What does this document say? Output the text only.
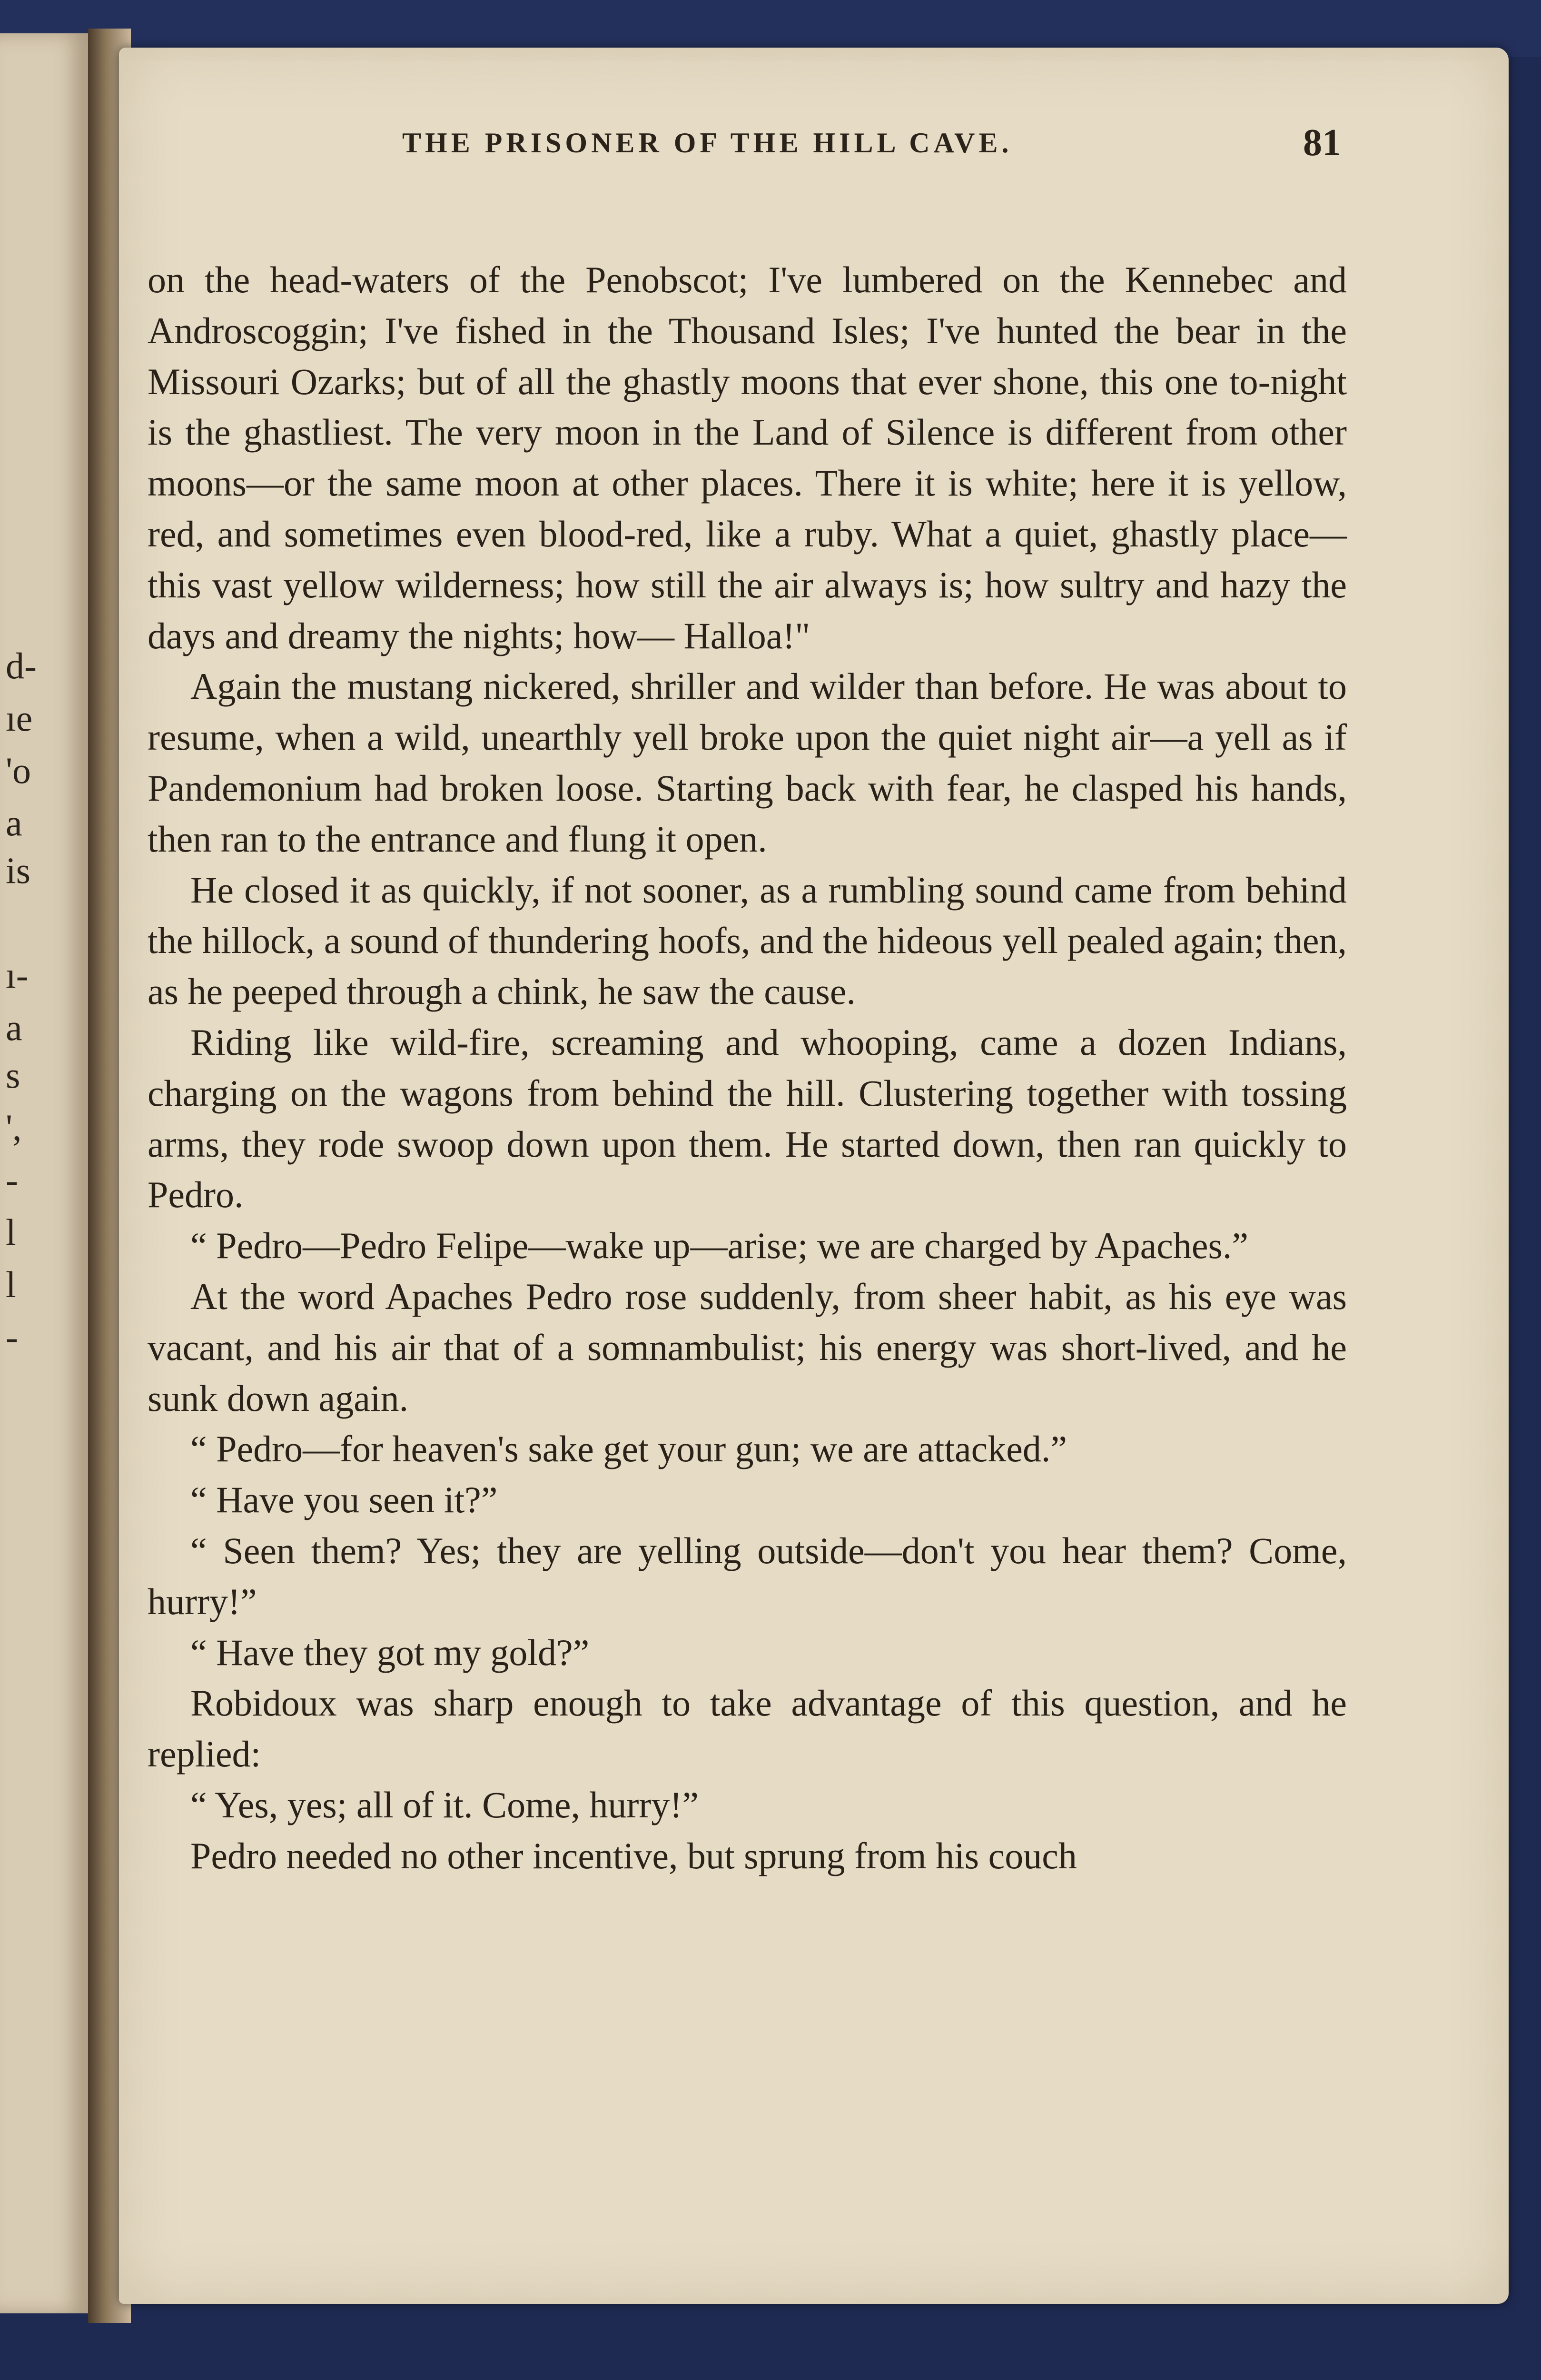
d-
ıe
'o
a
is
ı-
a
s
',
-
l
l
-
THE PRISONER OF THE HILL CAVE.	81

on the head-waters of the Penobscot; I've lumbered on the Kennebec and Androscoggin; I've fished in the Thousand Isles; I've hunted the bear in the Missouri Ozarks; but of all the ghastly moons that ever shone, this one to-night is the ghastliest. The very moon in the Land of Silence is different from other moons—or the same moon at other places. There it is white; here it is yellow, red, and sometimes even blood-red, like a ruby. What a quiet, ghastly place—this vast yellow wilderness; how still the air always is; how sultry and hazy the days and dreamy the nights; how— Halloa!"

Again the mustang nickered, shriller and wilder than before. He was about to resume, when a wild, unearthly yell broke upon the quiet night air—a yell as if Pandemonium had broken loose. Starting back with fear, he clasped his hands, then ran to the entrance and flung it open.

He closed it as quickly, if not sooner, as a rumbling sound came from behind the hillock, a sound of thundering hoofs, and the hideous yell pealed again; then, as he peeped through a chink, he saw the cause.

Riding like wild-fire, screaming and whooping, came a dozen Indians, charging on the wagons from behind the hill. Clustering together with tossing arms, they rode swoop down upon them. He started down, then ran quickly to Pedro.

“ Pedro—Pedro Felipe—wake up—arise; we are charged by Apaches.”

At the word Apaches Pedro rose suddenly, from sheer habit, as his eye was vacant, and his air that of a somnambulist; his energy was short-lived, and he sunk down again.

“ Pedro—for heaven's sake get your gun; we are attacked.”

“ Have you seen it?”

“ Seen them? Yes; they are yelling outside—don't you hear them? Come, hurry!”

“ Have they got my gold?”

Robidoux was sharp enough to take advantage of this question, and he replied:

“ Yes, yes; all of it. Come, hurry!”

Pedro needed no other incentive, but sprung from his couch
